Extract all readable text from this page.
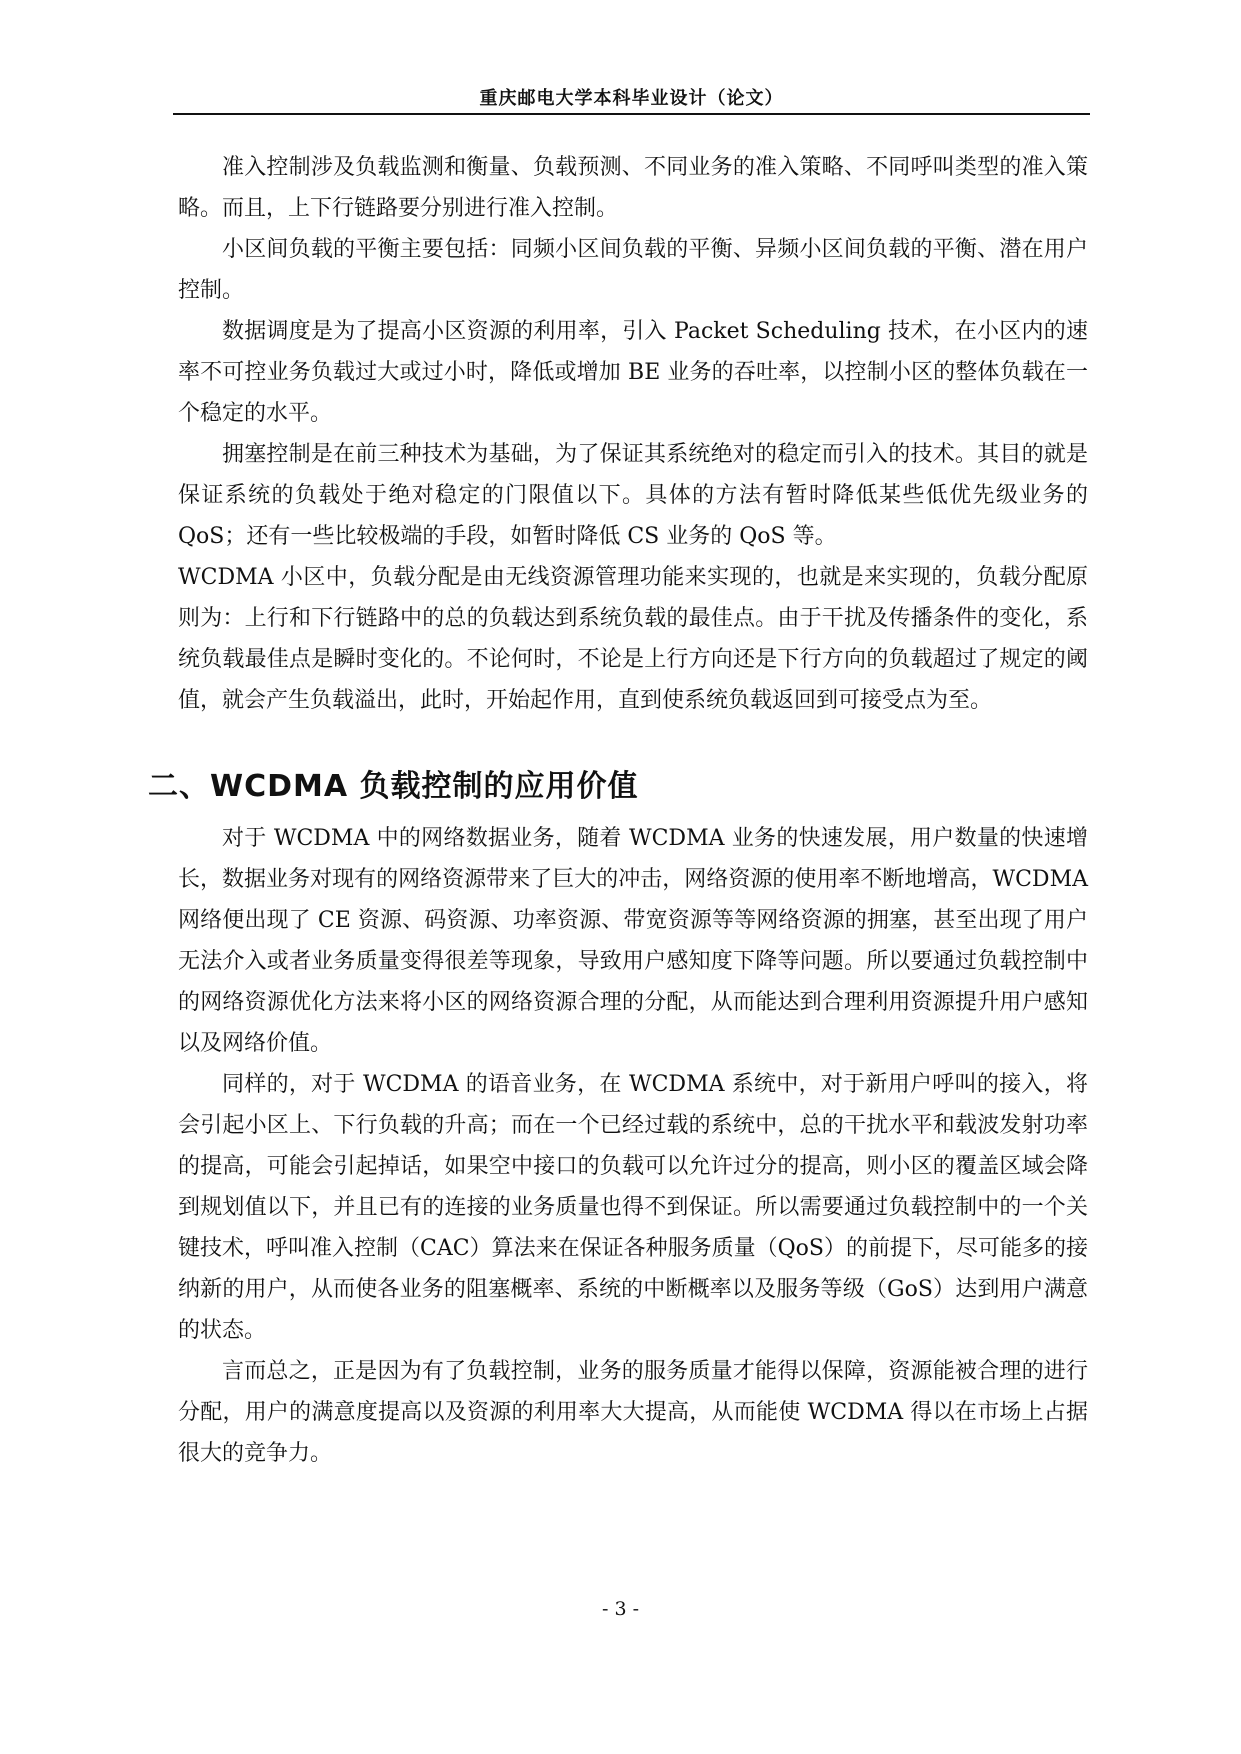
重庆邮电大学本科毕业设计（论文）

准入控制涉及负载监测和衡量、负载预测、不同业务的准入策略、不同呼叫类型的准入策略。而且，上下行链路要分别进行准入控制。

小区间负载的平衡主要包括：同频小区间负载的平衡、异频小区间负载的平衡、潜在用户控制。

数据调度是为了提高小区资源的利用率，引入 Packet Scheduling 技术，在小区内的速率不可控业务负载过大或过小时，降低或增加 BE 业务的吞吐率，以控制小区的整体负载在一个稳定的水平。

拥塞控制是在前三种技术为基础，为了保证其系统绝对的稳定而引入的技术。其目的就是保证系统的负载处于绝对稳定的门限值以下。具体的方法有暂时降低某些低优先级业务的 QoS；还有一些比较极端的手段，如暂时降低 CS 业务的 QoS 等。

WCDMA 小区中，负载分配是由无线资源管理功能来实现的，也就是来实现的，负载分配原则为：上行和下行链路中的总的负载达到系统负载的最佳点。由于干扰及传播条件的变化，系统负载最佳点是瞬时变化的。不论何时，不论是上行方向还是下行方向的负载超过了规定的阈值，就会产生负载溢出，此时，开始起作用，直到使系统负载返回到可接受点为至。

二、WCDMA 负载控制的应用价值

对于 WCDMA 中的网络数据业务，随着 WCDMA 业务的快速发展，用户数量的快速增长，数据业务对现有的网络资源带来了巨大的冲击，网络资源的使用率不断地增高，WCDMA 网络便出现了 CE 资源、码资源、功率资源、带宽资源等等网络资源的拥塞，甚至出现了用户无法介入或者业务质量变得很差等现象，导致用户感知度下降等问题。所以要通过负载控制中的网络资源优化方法来将小区的网络资源合理的分配，从而能达到合理利用资源提升用户感知以及网络价值。

同样的，对于 WCDMA 的语音业务，在 WCDMA 系统中，对于新用户呼叫的接入，将会引起小区上、下行负载的升高；而在一个已经过载的系统中，总的干扰水平和载波发射功率的提高，可能会引起掉话，如果空中接口的负载可以允许过分的提高，则小区的覆盖区域会降到规划值以下，并且已有的连接的业务质量也得不到保证。所以需要通过负载控制中的一个关键技术，呼叫准入控制（CAC）算法来在保证各种服务质量（QoS）的前提下，尽可能多的接纳新的用户，从而使各业务的阻塞概率、系统的中断概率以及服务等级（GoS）达到用户满意的状态。

言而总之，正是因为有了负载控制，业务的服务质量才能得以保障，资源能被合理的进行分配，用户的满意度提高以及资源的利用率大大提高，从而能使 WCDMA 得以在市场上占据很大的竞争力。

- 3 -
